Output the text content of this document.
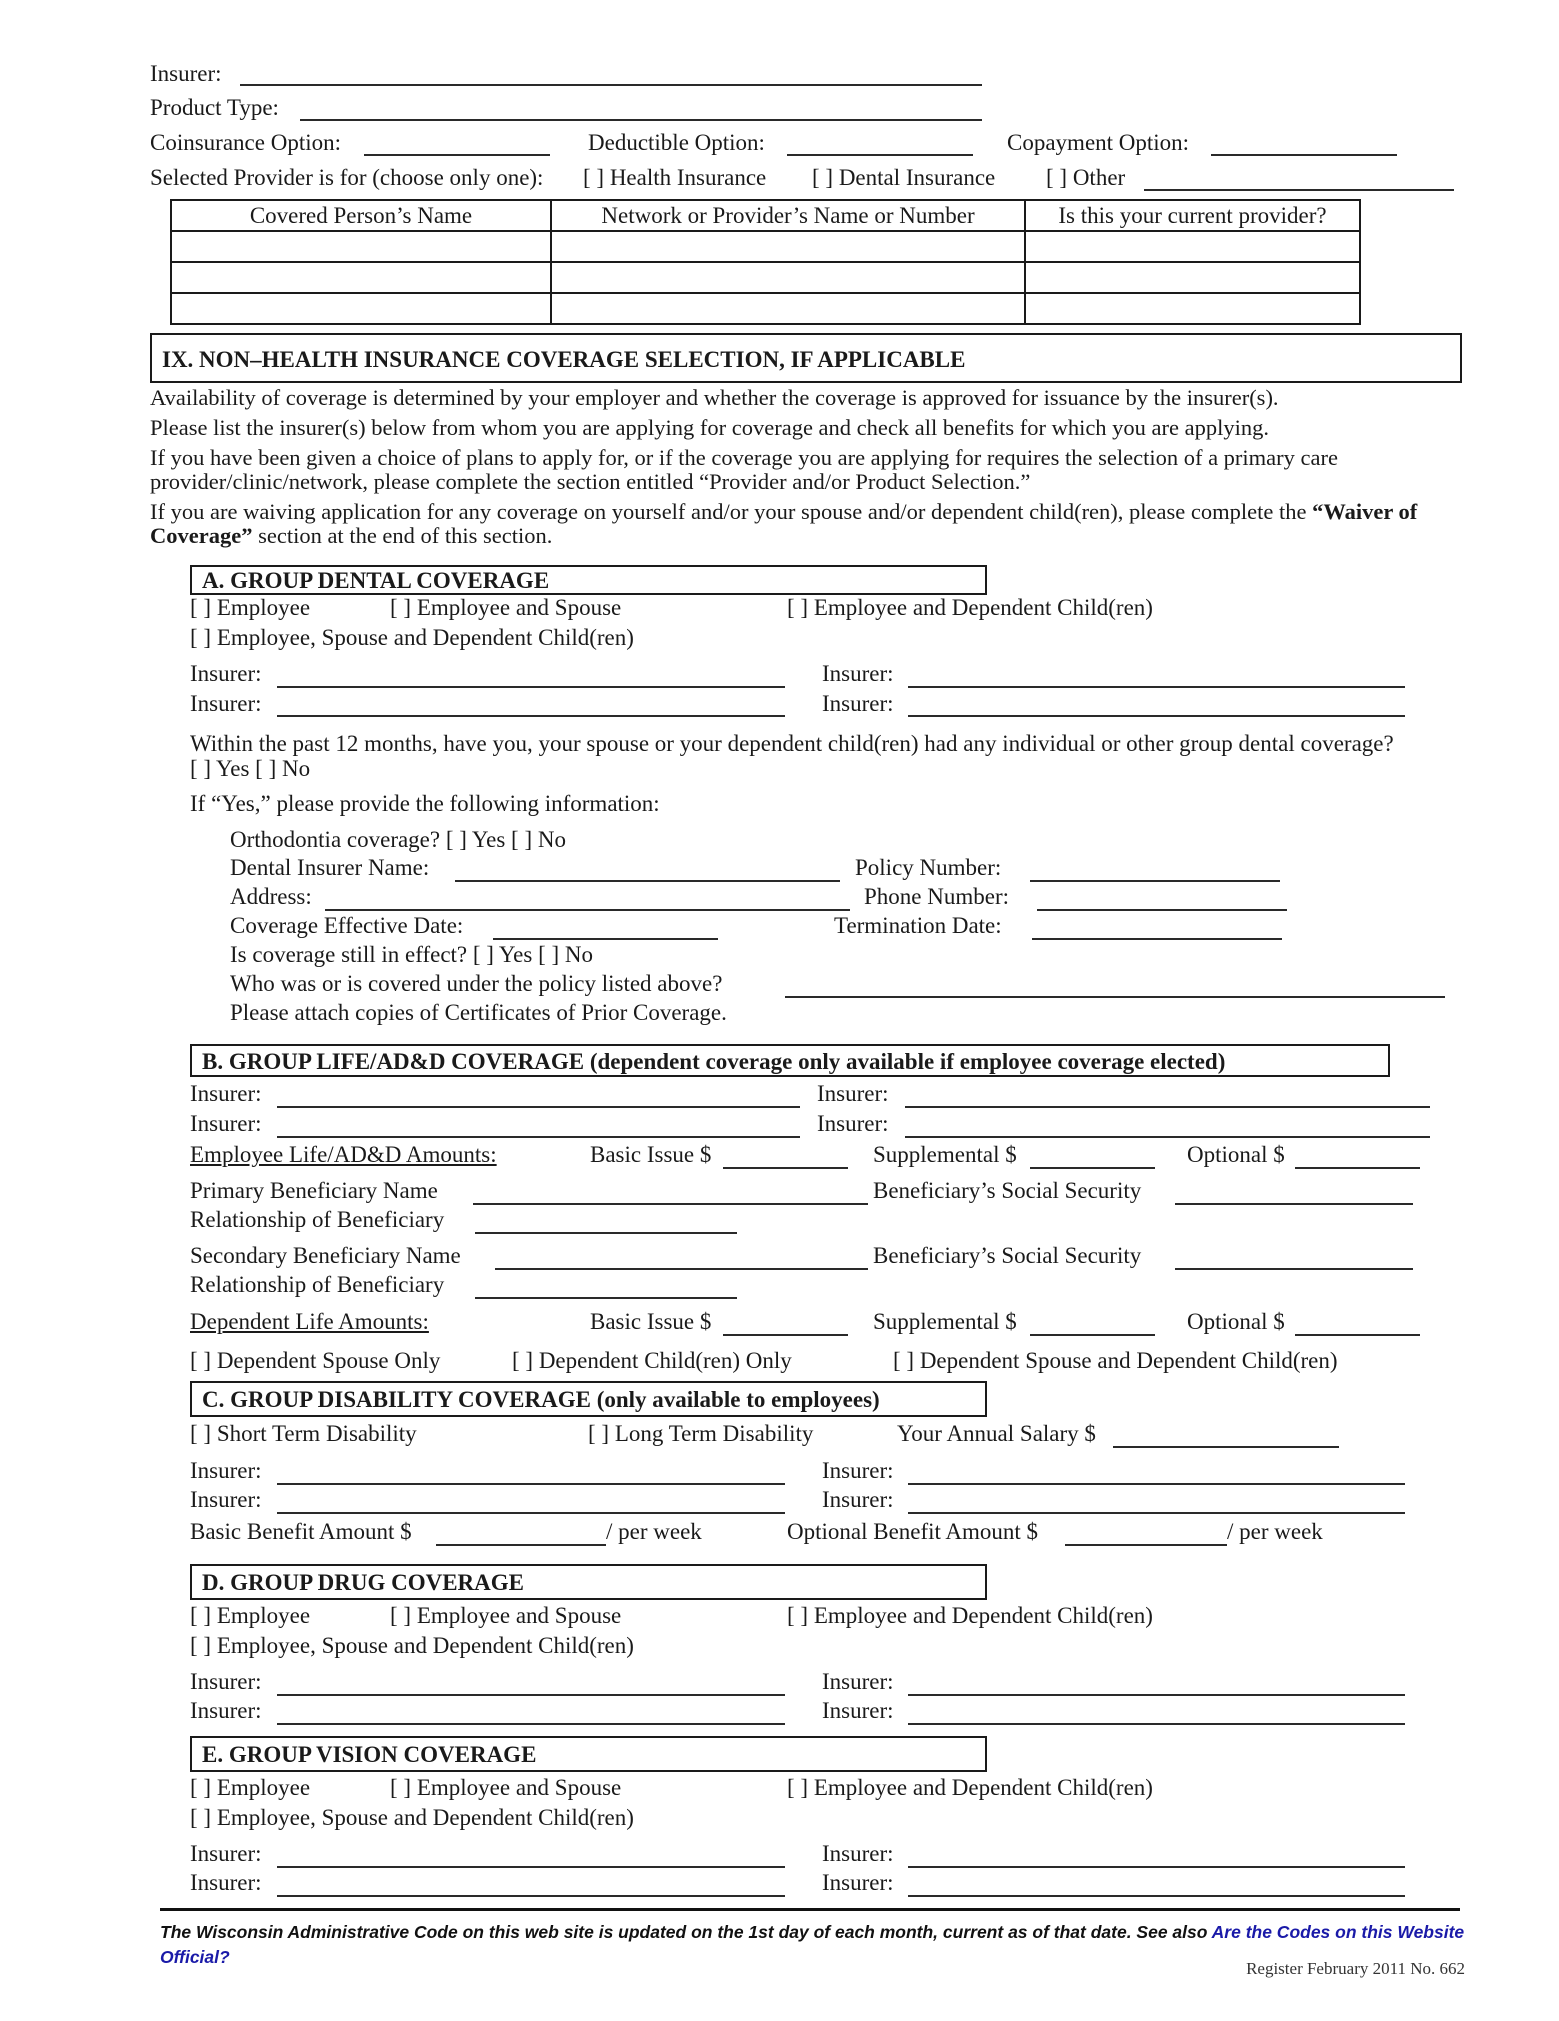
Insurer:
Product Type:
Coinsurance Option:	Deductible Option:	Copayment Option:
Selected Provider is for (choose only one): [ ] Health Insurance [ ] Dental Insurance [ ] Other
Covered Person’s Name	Network or Provider’s Name or Number	Is this your current provider?

IX. NON–HEALTH INSURANCE COVERAGE SELECTION, IF APPLICABLE
Availability of coverage is determined by your employer and whether the coverage is approved for issuance by the insurer(s).
Please list the insurer(s) below from whom you are applying for coverage and check all benefits for which you are applying.
If you have been given a choice of plans to apply for, or if the coverage you are applying for requires the selection of a primary care provider/clinic/network, please complete the section entitled “Provider and/or Product Selection.”
If you are waiving application for any coverage on yourself and/or your spouse and/or dependent child(ren), please complete the “Waiver of Coverage” section at the end of this section.
A. GROUP DENTAL COVERAGE
[ ] Employee	[ ] Employee and Spouse	[ ] Employee and Dependent Child(ren)
[ ] Employee, Spouse and Dependent Child(ren)
Insurer:	Insurer:
Insurer:	Insurer:
Within the past 12 months, have you, your spouse or your dependent child(ren) had any individual or other group dental coverage?
[ ] Yes [ ] No
If “Yes,” please provide the following information:
Orthodontia coverage? [ ] Yes [ ] No
Dental Insurer Name:	Policy Number:
Address:	Phone Number:
Coverage Effective Date:	Termination Date:
Is coverage still in effect? [ ] Yes [ ] No
Who was or is covered under the policy listed above?
Please attach copies of Certificates of Prior Coverage.
B. GROUP LIFE/AD&D COVERAGE (dependent coverage only available if employee coverage elected)
Insurer:	Insurer:
Insurer:	Insurer:
Employee Life/AD&D Amounts:	Basic Issue $	Supplemental $	Optional $
Primary Beneficiary Name	Beneficiary’s Social Security
Relationship of Beneficiary
Secondary Beneficiary Name	Beneficiary’s Social Security
Relationship of Beneficiary
Dependent Life Amounts:	Basic Issue $	Supplemental $	Optional $
[ ] Dependent Spouse Only	[ ] Dependent Child(ren) Only	[ ] Dependent Spouse and Dependent Child(ren)
C. GROUP DISABILITY COVERAGE (only available to employees)
[ ] Short Term Disability	[ ] Long Term Disability	Your Annual Salary $
Insurer:	Insurer:
Insurer:	Insurer:
Basic Benefit Amount $	/ per week	Optional Benefit Amount $	/ per week
D. GROUP DRUG COVERAGE
[ ] Employee	[ ] Employee and Spouse	[ ] Employee and Dependent Child(ren)
[ ] Employee, Spouse and Dependent Child(ren)
Insurer:	Insurer:
Insurer:	Insurer:
E. GROUP VISION COVERAGE
[ ] Employee	[ ] Employee and Spouse	[ ] Employee and Dependent Child(ren)
[ ] Employee, Spouse and Dependent Child(ren)
Insurer:	Insurer:
Insurer:	Insurer:
The Wisconsin Administrative Code on this web site is updated on the 1st day of each month, current as of that date. See also Are the Codes on this Website Official?
Register February 2011 No. 662
